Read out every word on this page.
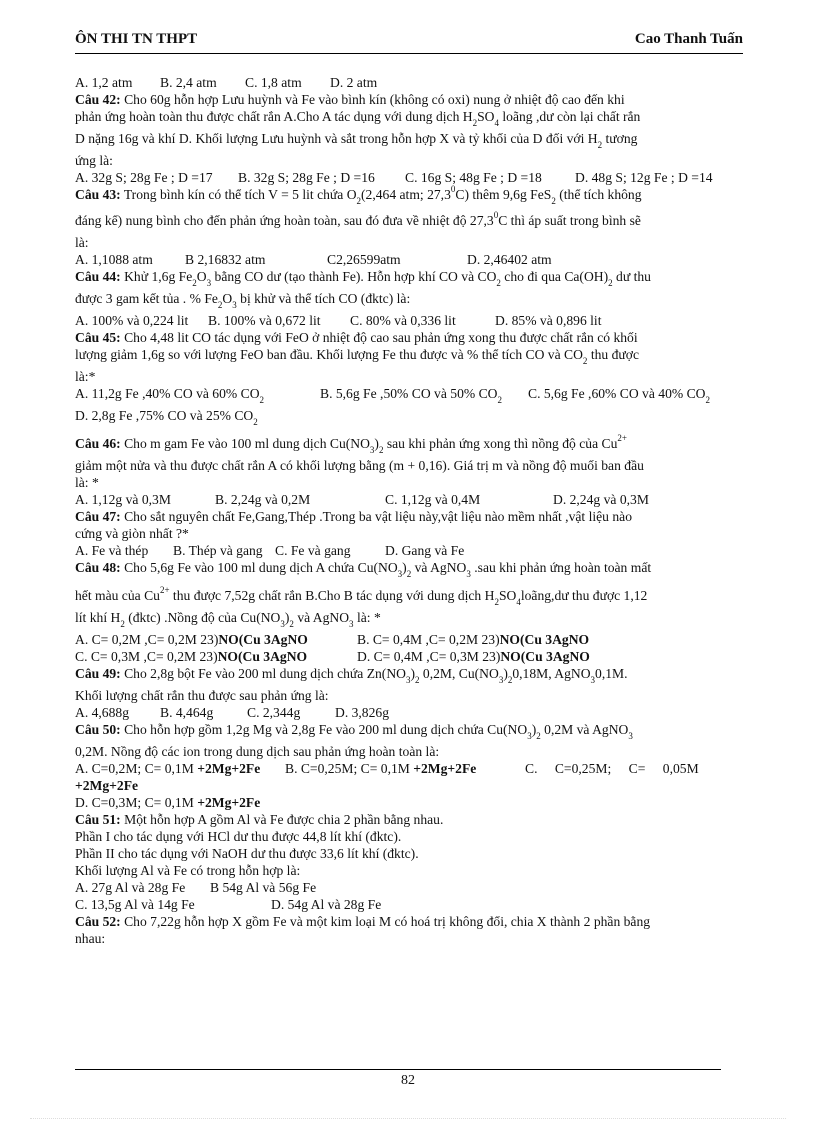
ÔN THI TN THPT	Cao Thanh Tuấn
A. 1,2 atm B. 2,4 atm C. 1,8 atm D. 2 atm
Câu 42: Cho 60g hỗn hợp Lưu huỳnh và Fe vào bình kín (không có oxi) nung ở nhiệt độ cao đến khi
phản ứng hoàn toàn thu được chất rắn A.Cho A tác dụng với dung dịch $H_2SO_4$ loãng ,dư còn lại chất rắn
D nặng 16g và khí D. Khối lượng Lưu huỳnh và sắt trong hỗn hợp X và tỷ khối của D đối với $H_2$ tương
ứng là:
A. 32g S; 28g Fe ; D =17 B. 32g S; 28g Fe ; D =16 C. 16g S; 48g Fe ; D =18 D. 48g S; 12g Fe ; D =14
Câu 43: Trong bình kín có thể tích V = 5 lit chứa $O_2(2,464$ atm; 27,3$^0$C) thêm 9,6g FeS$_2$ (thể tích không
đáng kể) nung bình cho đến phản ứng hoàn toàn, sau đó đưa về nhiệt độ 27,3$^0$C thì áp suất trong bình sẽ
là:
A. 1,1088 atm B 2,16832 atm	C2,26599atm	D. 2,46402 atm
Câu 44: Khử 1,6g $Fe_2O_3$ bằng CO dư (tạo thành Fe). Hỗn hợp khí CO và $CO_2$ cho đi qua $Ca(OH)_2$ dư thu
được 3 gam kết tủa . % $Fe_2O_3$ bị khử và thể tích CO (đktc) là:
A. 100% và 0,224 lit B. 100% và 0,672 lit C. 80% và 0,336 lit	D. 85% và 0,896 lit
Câu 45: Cho 4,48 lit CO tác dụng với FeO ở nhiệt độ cao sau phản ứng xong thu được chất rắn có khối
lượng giảm 1,6g so với lượng FeO ban đầu. Khối lượng Fe thu được và % thể tích CO và $CO_2$ thu được
là:*
A. 11,2g Fe ,40% CO và 60% $CO_2$	B. 5,6g Fe ,50% CO và 50% $CO_2$ C. 5,6g Fe ,60% CO và 40% $CO_2$
D. 2,8g Fe ,75% CO và 25% $CO_2$
Câu 46: Cho m gam Fe vào 100 ml dung dịch $Cu(NO_3)_2$ sau khi phản ứng xong thì nồng độ của $Cu^{2+}$
giảm một nửa và thu được chất rắn A có khối lượng bằng (m + 0,16). Giá trị m và nồng độ muối ban đầu
là: *
A. 1,12g và 0,3M	B. 2,24g và 0,2M	C. 1,12g và 0,4M	D. 2,24g và 0,3M
Câu 47: Cho sắt nguyên chất Fe,Gang,Thép .Trong ba vật liệu này,vật liệu nào mềm nhất ,vật liệu nào
cứng và giòn nhất ?*
A. Fe và thép B. Thép và gang C. Fe và gang	D. Gang và Fe
Câu 48: Cho 5,6g Fe vào 100 ml dung dịch A chứa $Cu(NO_3)_2$ và AgNO$_3$ .sau khi phản ứng hoàn toàn mất
hết màu của $Cu^{2+}$ thu được 7,52g chất rắn B.Cho B tác dụng với dung dịch $H_2SO_4loãng,dư$ thu được 1,12
lít khí $H_2$ (đktc) .Nồng độ của $Cu(NO_3)_2$ và AgNO$_3$ là: *
A. C= 0,2M ,C= 0,2M 23)NO(Cu 3AgNO	B. C= 0,4M ,C= 0,2M 23)NO(Cu 3AgNO
C. C= 0,3M ,C= 0,2M 23)NO(Cu 3AgNO	D. C= 0,4M ,C= 0,3M 23)NO(Cu 3AgNO
Câu 49: Cho 2,8g bột Fe vào 200 ml dung dịch chứa $Zn(NO_3)_2$ 0,2M, $Cu(NO_3)_20,18M$, AgNO$_3$0,1M.
Khối lượng chất rắn thu được sau phản ứng là:
A. 4,688g B. 4,464g C. 2,344g	D. 3,826g
Câu 50: Cho hỗn hợp gồm 1,2g Mg và 2,8g Fe vào 200 ml dung dịch chứa $Cu(NO_3)_2$ 0,2M và AgNO$_3$
0,2M. Nồng độ các ion trong dung dịch sau phản ứng hoàn toàn là:
A. C=0,2M; C= 0,1M +2Mg+2Fe B. C=0,25M; C= 0,1M +2Mg+2Fe	C. C=0,25M; C= 0,05M
+2Mg+2Fe
D. C=0,3M; C= 0,1M +2Mg+2Fe
Câu 51: Một hỗn hợp A gồm Al và Fe được chia 2 phần bằng nhau.
Phần I cho tác dụng với HCl dư thu được 44,8 lít khí (đktc).
Phần II cho tác dụng với NaOH dư thu được 33,6 lít khí (đktc).
Khối lượng Al và Fe có trong hỗn hợp là:
A. 27g Al và 28g Fe B 54g Al và 56g Fe
C. 13,5g Al và 14g Fe	D. 54g Al và 28g Fe
Câu 52: Cho 7,22g hỗn hợp X gồm Fe và một kim loại M có hoá trị không đổi, chia X thành 2 phần bằng
nhau:
82
